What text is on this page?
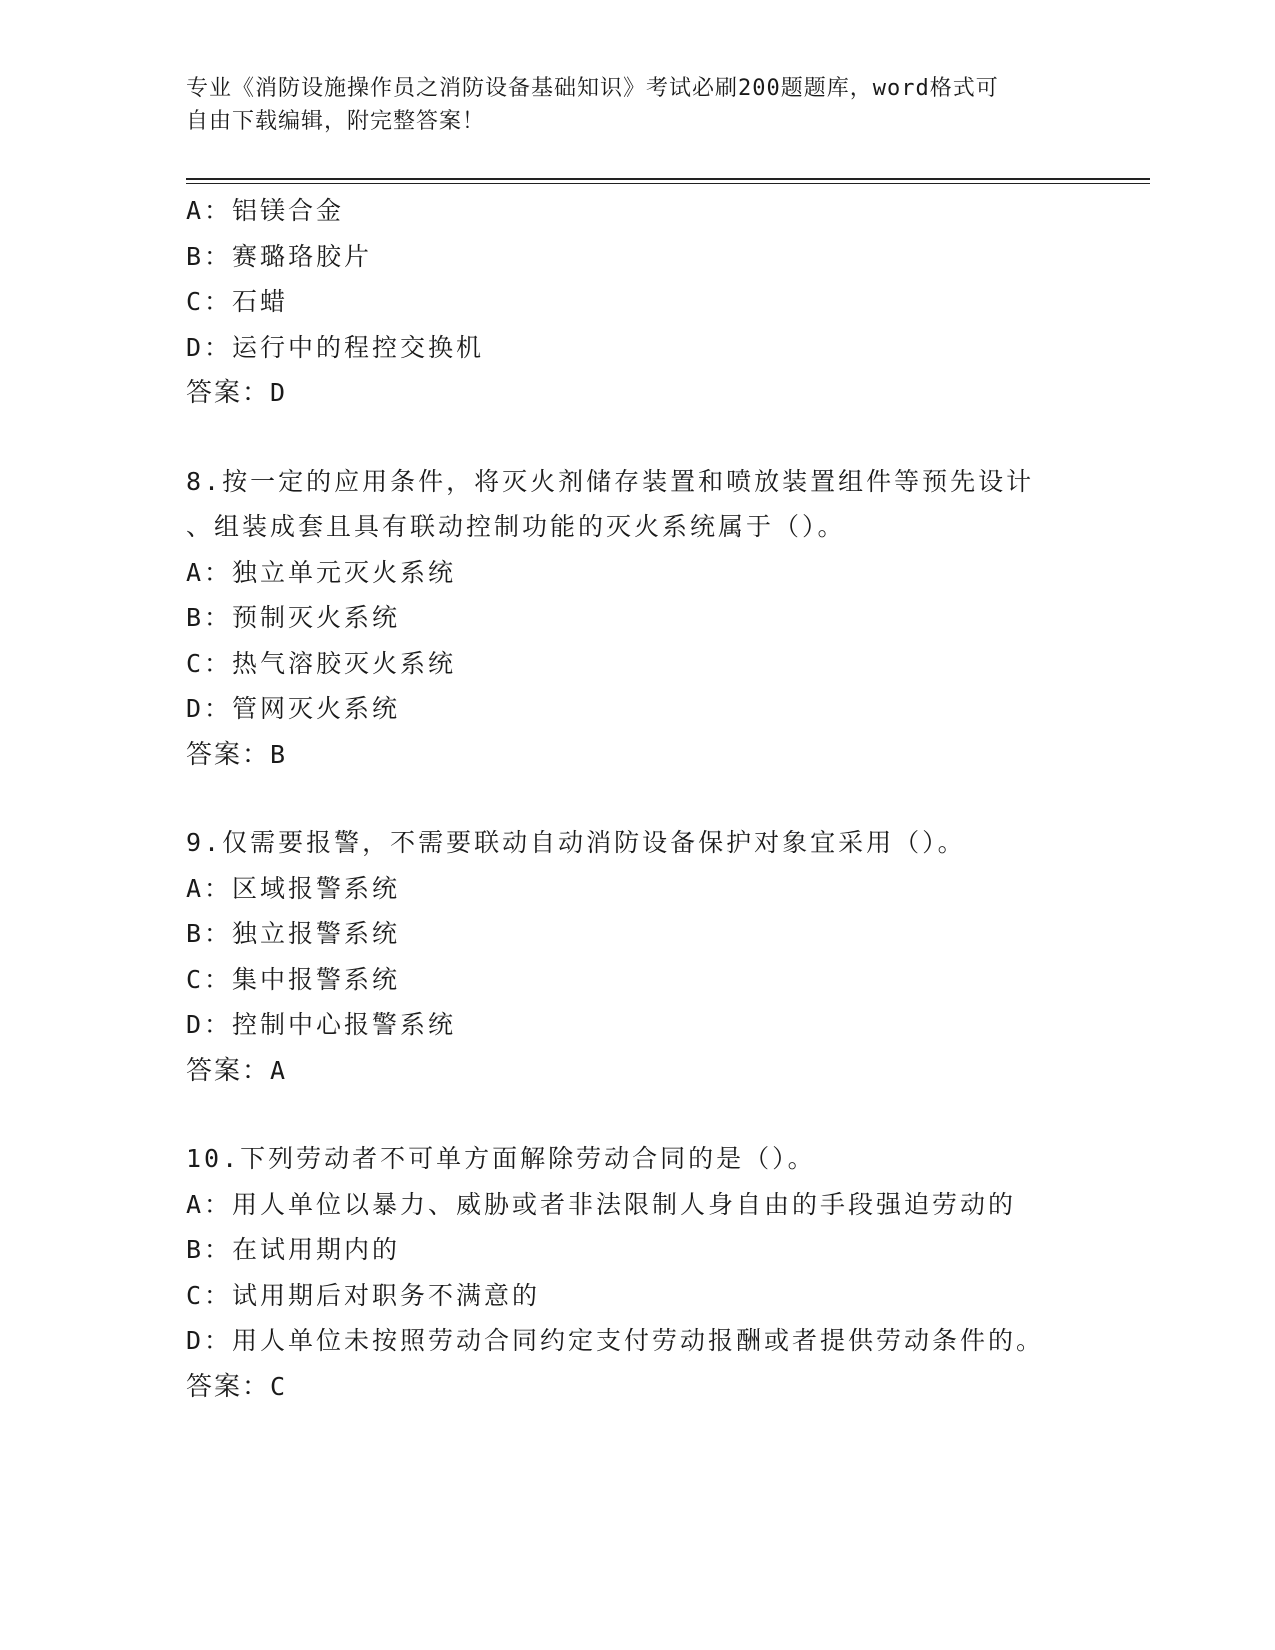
专业《消防设施操作员之消防设备基础知识》考试必刷200题题库，word格式可
自由下载编辑，附完整答案！
A：铝镁合金
B：赛璐珞胶片
C：石蜡
D：运行中的程控交换机
答案：D
8.按一定的应用条件，将灭火剂储存装置和喷放装置组件等预先设计
、组装成套且具有联动控制功能的灭火系统属于（）。
A：独立单元灭火系统
B：预制灭火系统
C：热气溶胶灭火系统
D：管网灭火系统
答案：B
9.仅需要报警，不需要联动自动消防设备保护对象宜采用（）。
A：区域报警系统
B：独立报警系统
C：集中报警系统
D：控制中心报警系统
答案：A
10.下列劳动者不可单方面解除劳动合同的是（）。
A：用人单位以暴力、威胁或者非法限制人身自由的手段强迫劳动的
B：在试用期内的
C：试用期后对职务不满意的
D：用人单位未按照劳动合同约定支付劳动报酬或者提供劳动条件的。
答案：C
